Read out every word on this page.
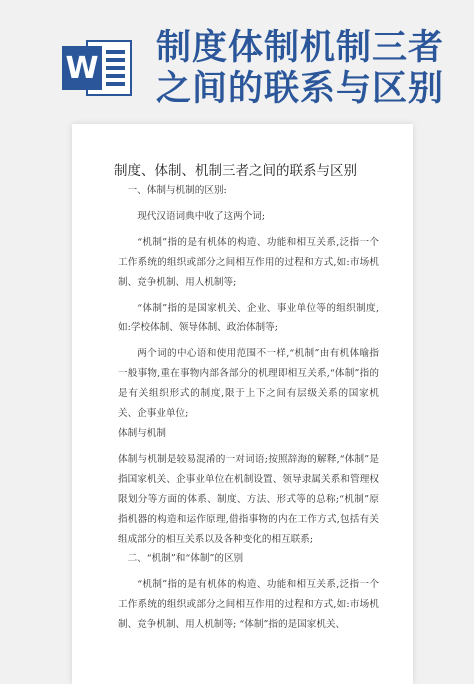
W 制度体制机制三者之间的联系与区别
制度、体制、机制三者之间的联系与区别

一、体制与机制的区别:

现代汉语词典中收了这两个词;

“机制”指的是有机体的构造、功能和相互关系,泛指一个工作系统的组织或部分之间相互作用的过程和方式,如:市场机制、竞争机制、用人机制等;

“体制”指的是国家机关、企业、事业单位等的组织制度,如:学校体制、领导体制、政治体制等;

两个词的中心语和使用范围不一样,“机制”由有机体喻指一般事物,重在事物内部各部分的机理即相互关系,“体制”指的是有关组织形式的制度,限于上下之间有层级关系的国家机关、企事业单位;

体制与机制

体制与机制是较易混淆的一对词语;按照辞海的解释,“体制”是指国家机关、企事业单位在机制设置、领导隶属关系和管理权限划分等方面的体系、制度、方法、形式等的总称;“机制”原指机器的构造和运作原理,借指事物的内在工作方式,包括有关组成部分的相互关系以及各种变化的相互联系;

二、“机制”和“体制”的区别

“机制”指的是有机体的构造、功能和相互关系,泛指一个工作系统的组织或部分之间相互作用的过程和方式,如:市场机制、竞争机制、用人机制等; “体制”指的是国家机关、
